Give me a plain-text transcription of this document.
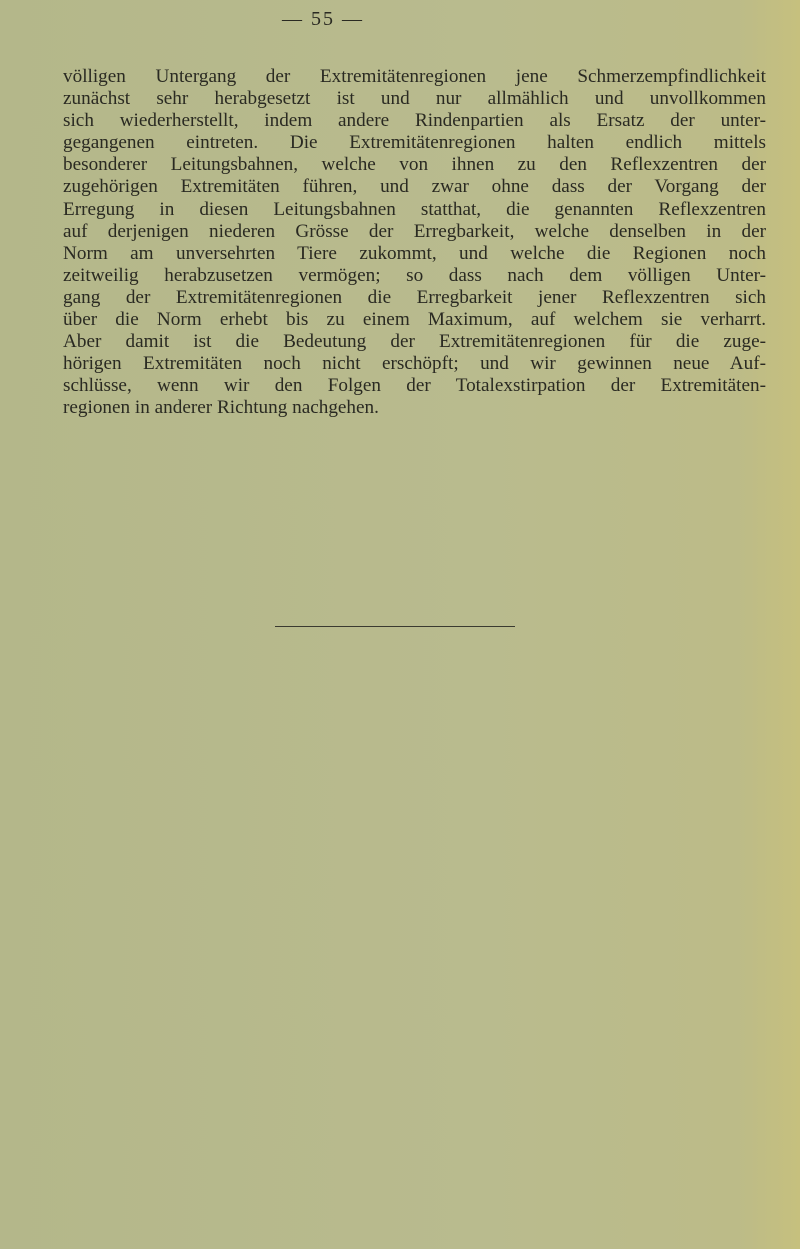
— 55 —
völligen Untergang der Extremitätenregionen jene Schmerzempfindlichkeit
zunächst sehr herabgesetzt ist und nur allmählich und unvollkommen
sich wiederherstellt, indem andere Rindenpartien als Ersatz der unter-
gegangenen eintreten. Die Extremitätenregionen halten endlich mittels
besonderer Leitungsbahnen, welche von ihnen zu den Reflexzentren der
zugehörigen Extremitäten führen, und zwar ohne dass der Vorgang der
Erregung in diesen Leitungsbahnen statthat, die genannten Reflexzentren
auf derjenigen niederen Grösse der Erregbarkeit, welche denselben in der
Norm am unversehrten Tiere zukommt, und welche die Regionen noch
zeitweilig herabzusetzen vermögen; so dass nach dem völligen Unter-
gang der Extremitätenregionen die Erregbarkeit jener Reflexzentren sich
über die Norm erhebt bis zu einem Maximum, auf welchem sie verharrt.
Aber damit ist die Bedeutung der Extremitätenregionen für die zuge-
hörigen Extremitäten noch nicht erschöpft; und wir gewinnen neue Auf-
schlüsse, wenn wir den Folgen der Totalexstirpation der Extremitäten-
regionen in anderer Richtung nachgehen.
